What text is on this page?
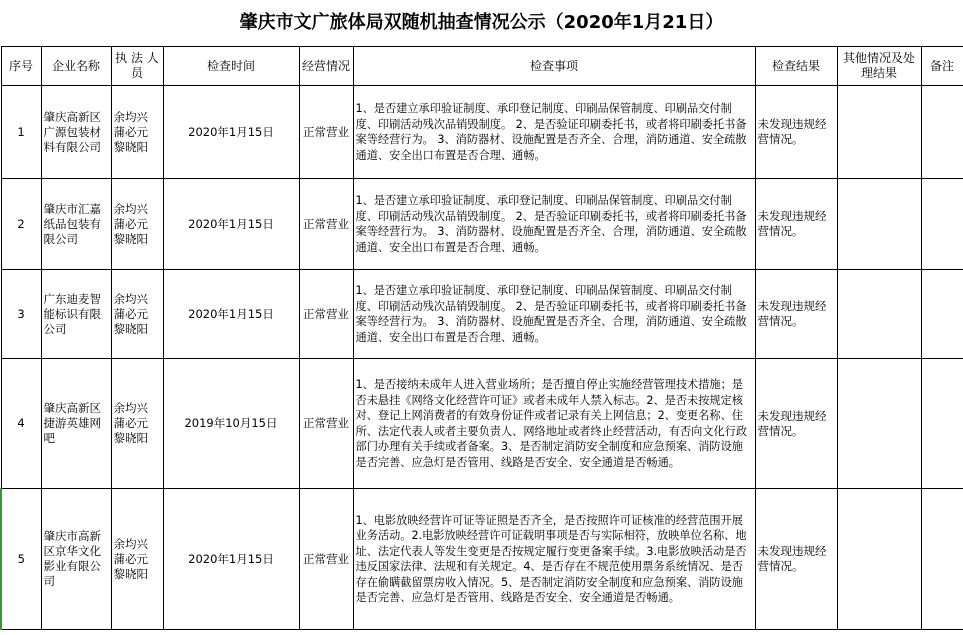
肇庆市文广旅体局双随机抽查情况公示（2020年1月21日）
序号	企业名称	执 法 人员	检查时间	经营情况	检查事项	检查结果	其他情况及处理结果	备注
1	肇庆高新区广源包装材料有限公司	余均兴 蒲必元 黎晓阳	2020年1月15日	正常营业	1、是否建立承印验证制度、承印登记制度、印刷品保管制度、印刷品交付制度、印刷活动残次品销毁制度。 2、是否验证印刷委托书，或者将印刷委托书备案等经营行为。 3、消防器材、设施配置是否齐全、合理，消防通道、安全疏散通道、安全出口布置是否合理、通畅。	未发现违规经营情况。		
2	肇庆市汇嘉纸品包装有限公司	余均兴 蒲必元 黎晓阳	2020年1月15日	正常营业	1、是否建立承印验证制度、承印登记制度、印刷品保管制度、印刷品交付制度、印刷活动残次品销毁制度。 2、是否验证印刷委托书，或者将印刷委托书备案等经营行为。 3、消防器材、设施配置是否齐全、合理，消防通道、安全疏散通道、安全出口布置是否合理、通畅。	未发现违规经营情况。		
3	广东迪麦智能标识有限公司	余均兴 蒲必元 黎晓阳	2020年1月15日	正常营业	1、是否建立承印验证制度、承印登记制度、印刷品保管制度、印刷品交付制度、印刷活动残次品销毁制度。 2、是否验证印刷委托书，或者将印刷委托书备案等经营行为。 3、消防器材、设施配置是否齐全、合理，消防通道、安全疏散通道、安全出口布置是否合理、通畅。	未发现违规经营情况。		
4	肇庆高新区捷游英雄网吧	余均兴 蒲必元 黎晓阳	2019年10月15日	正常营业	1、是否接纳未成年人进入营业场所；是否擅自停止实施经营管理技术措施；是否未悬挂《网络文化经营许可证》或者未成年人禁入标志。2、是否未按规定核对、登记上网消费者的有效身份证件或者记录有关上网信息；2、变更名称、住所、法定代表人或者主要负责人、网络地址或者终止经营活动，有否向文化行政部门办理有关手续或者备案。3、是否制定消防安全制度和应急预案、消防设施是否完善、应急灯是否管用、线路是否安全、安全通道是否畅通。	未发现违规经营情况。		
5	肇庆市高新区京华文化影业有限公司	余均兴 蒲必元 黎晓阳	2020年1月15日	正常营业	1、电影放映经营许可证等证照是否齐全，是否按照许可证核准的经营范围开展业务活动。2.电影放映经营许可证载明事项是否与实际相符，放映单位名称、地址、法定代表人等发生变更是否按规定履行变更备案手续。3.电影放映活动是否违反国家法律、法规和有关规定。4、是否存在不规范使用票务系统情况、是否存在偷瞒截留票房收入情况。5、是否制定消防安全制度和应急预案、消防设施是否完善、应急灯是否管用、线路是否安全、安全通道是否畅通。	未发现违规经营情况。		
